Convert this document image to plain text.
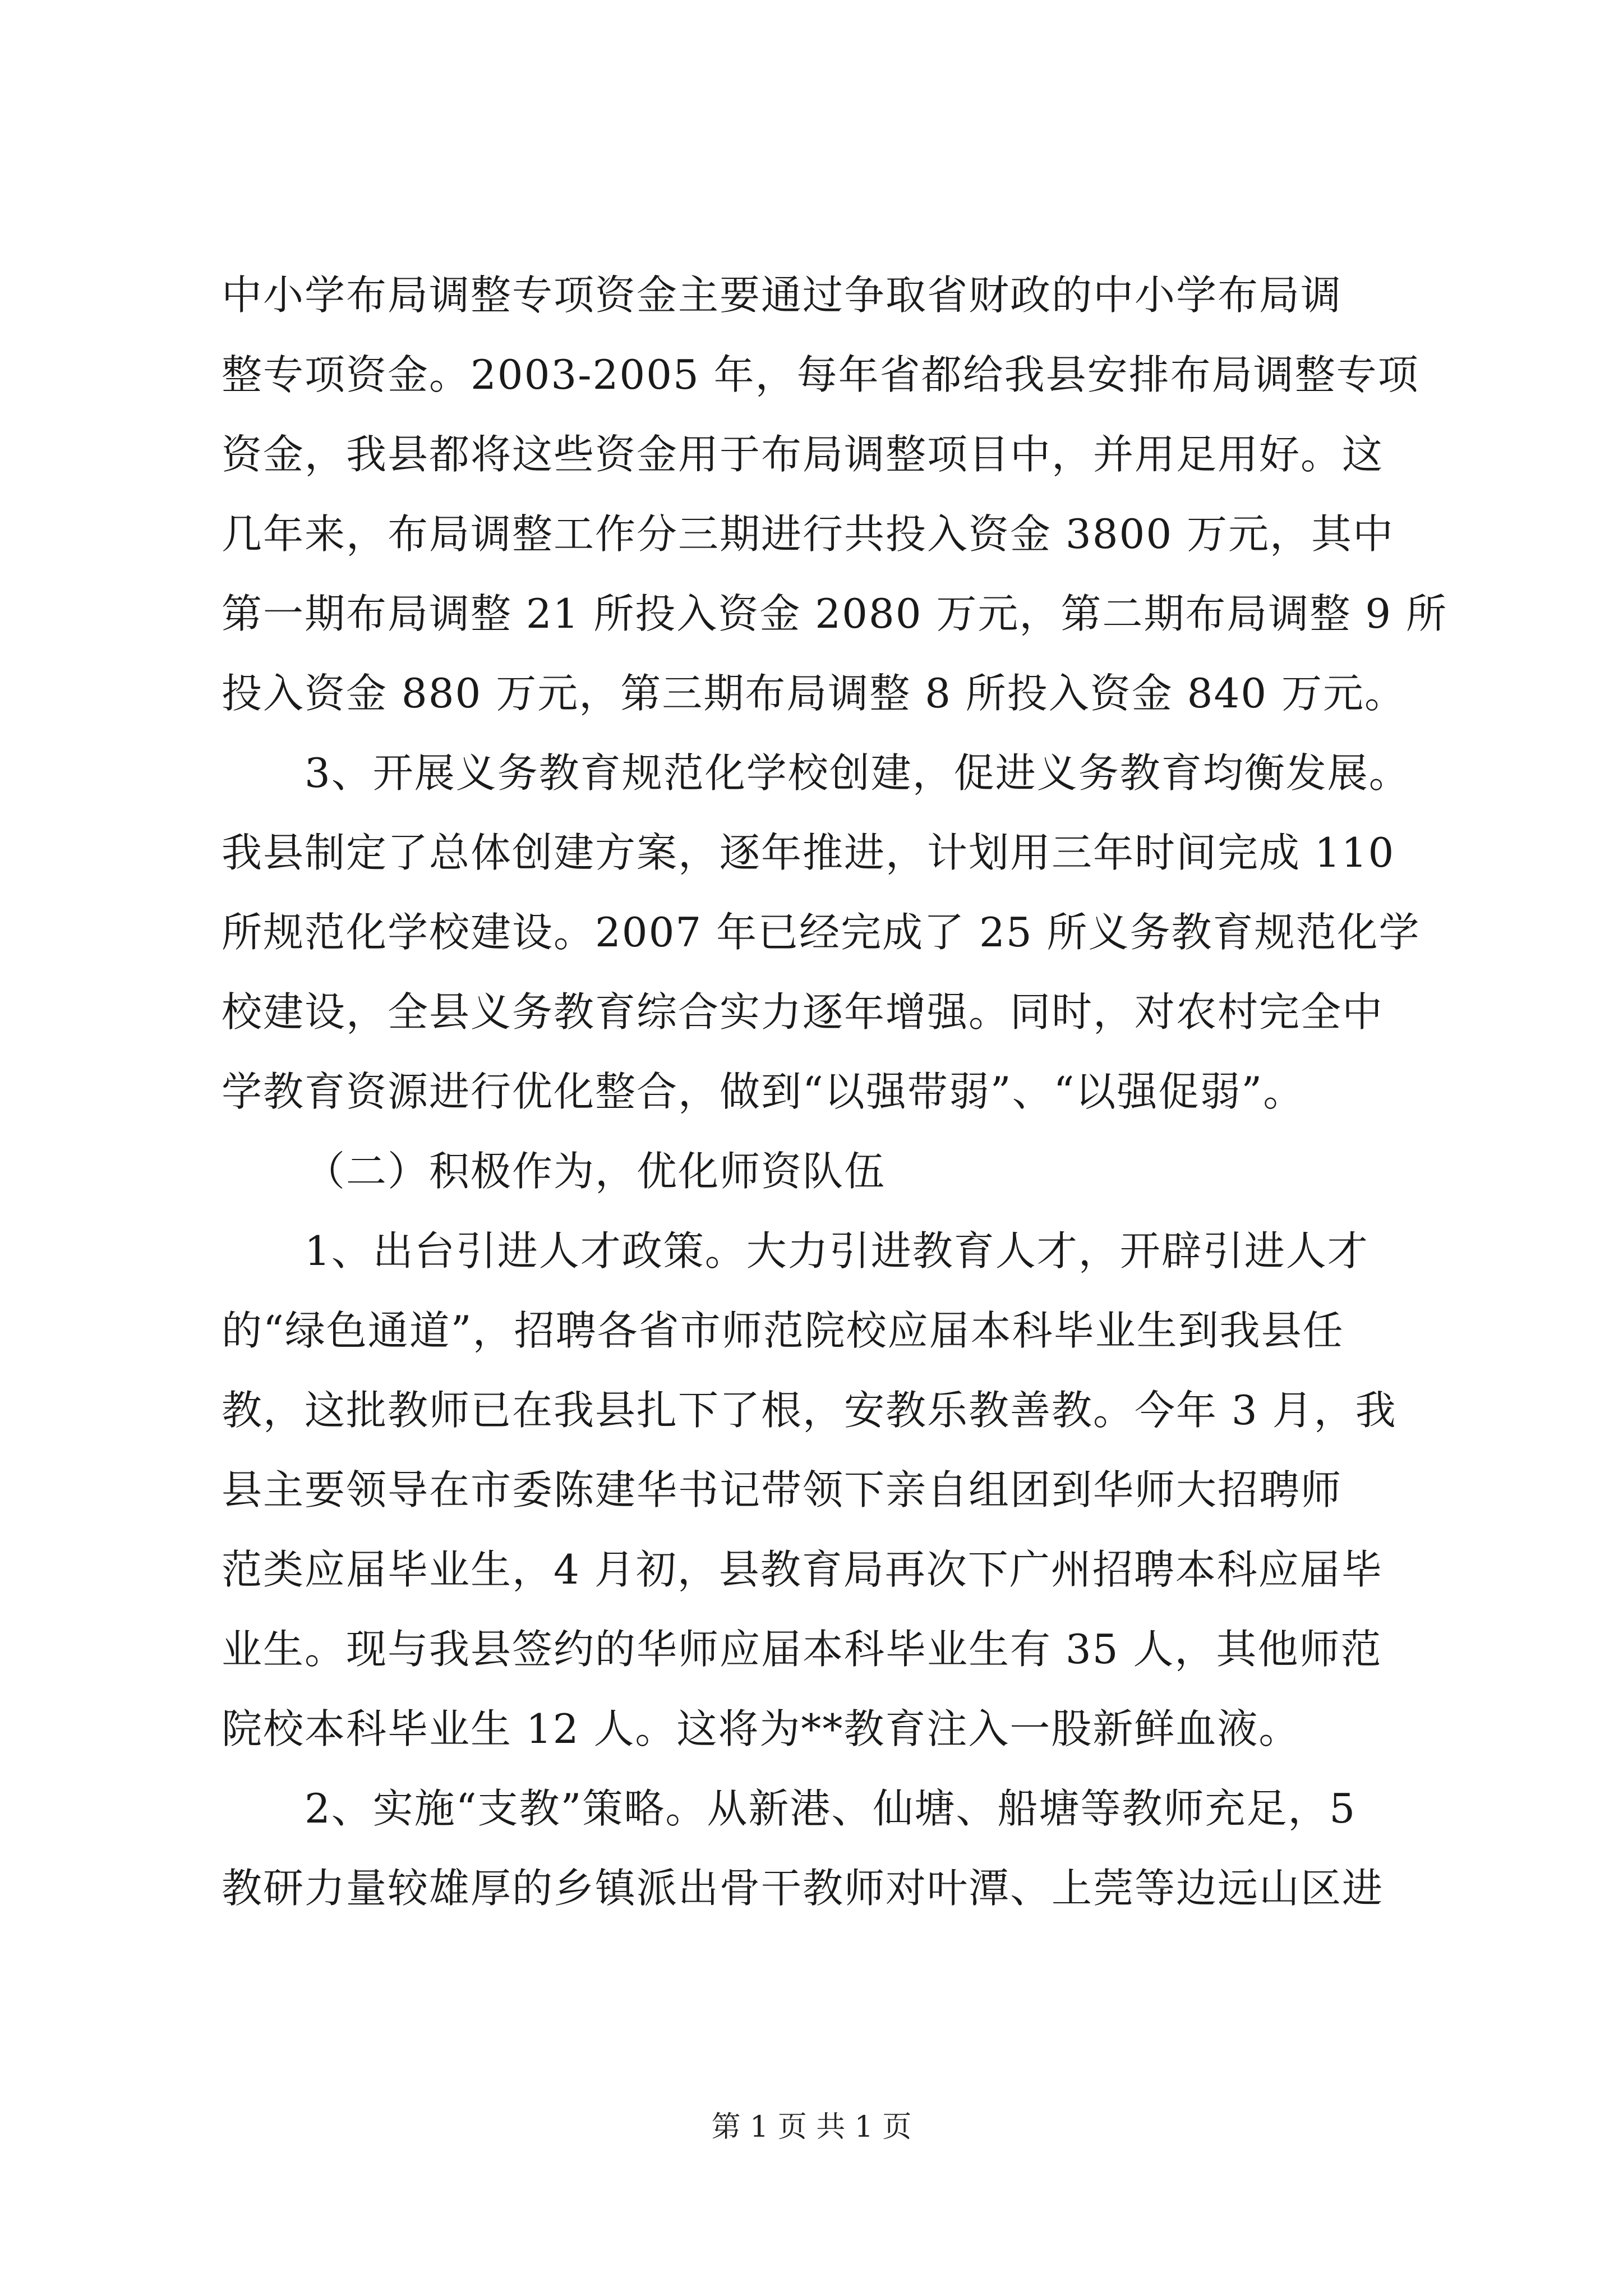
中小学布局调整专项资金主要通过争取省财政的中小学布局调
整专项资金。2003-2005 年，每年省都给我县安排布局调整专项
资金，我县都将这些资金用于布局调整项目中，并用足用好。这
几年来，布局调整工作分三期进行共投入资金 3800 万元，其中
第一期布局调整 21 所投入资金 2080 万元，第二期布局调整 9 所
投入资金 880 万元，第三期布局调整 8 所投入资金 840 万元。
3、开展义务教育规范化学校创建，促进义务教育均衡发展。
我县制定了总体创建方案，逐年推进，计划用三年时间完成 110
所规范化学校建设。2007 年已经完成了 25 所义务教育规范化学
校建设，全县义务教育综合实力逐年增强。同时，对农村完全中
学教育资源进行优化整合，做到“以强带弱”、“以强促弱”。
（二）积极作为，优化师资队伍
1、出台引进人才政策。大力引进教育人才，开辟引进人才
的“绿色通道”，招聘各省市师范院校应届本科毕业生到我县任
教，这批教师已在我县扎下了根，安教乐教善教。今年 3 月，我
县主要领导在市委陈建华书记带领下亲自组团到华师大招聘师
范类应届毕业生，4 月初，县教育局再次下广州招聘本科应届毕
业生。现与我县签约的华师应届本科毕业生有 35 人，其他师范
院校本科毕业生 12 人。这将为**教育注入一股新鲜血液。
2、实施“支教”策略。从新港、仙塘、船塘等教师充足，5
教研力量较雄厚的乡镇派出骨干教师对叶潭、上莞等边远山区进
第 1 页 共 1 页
